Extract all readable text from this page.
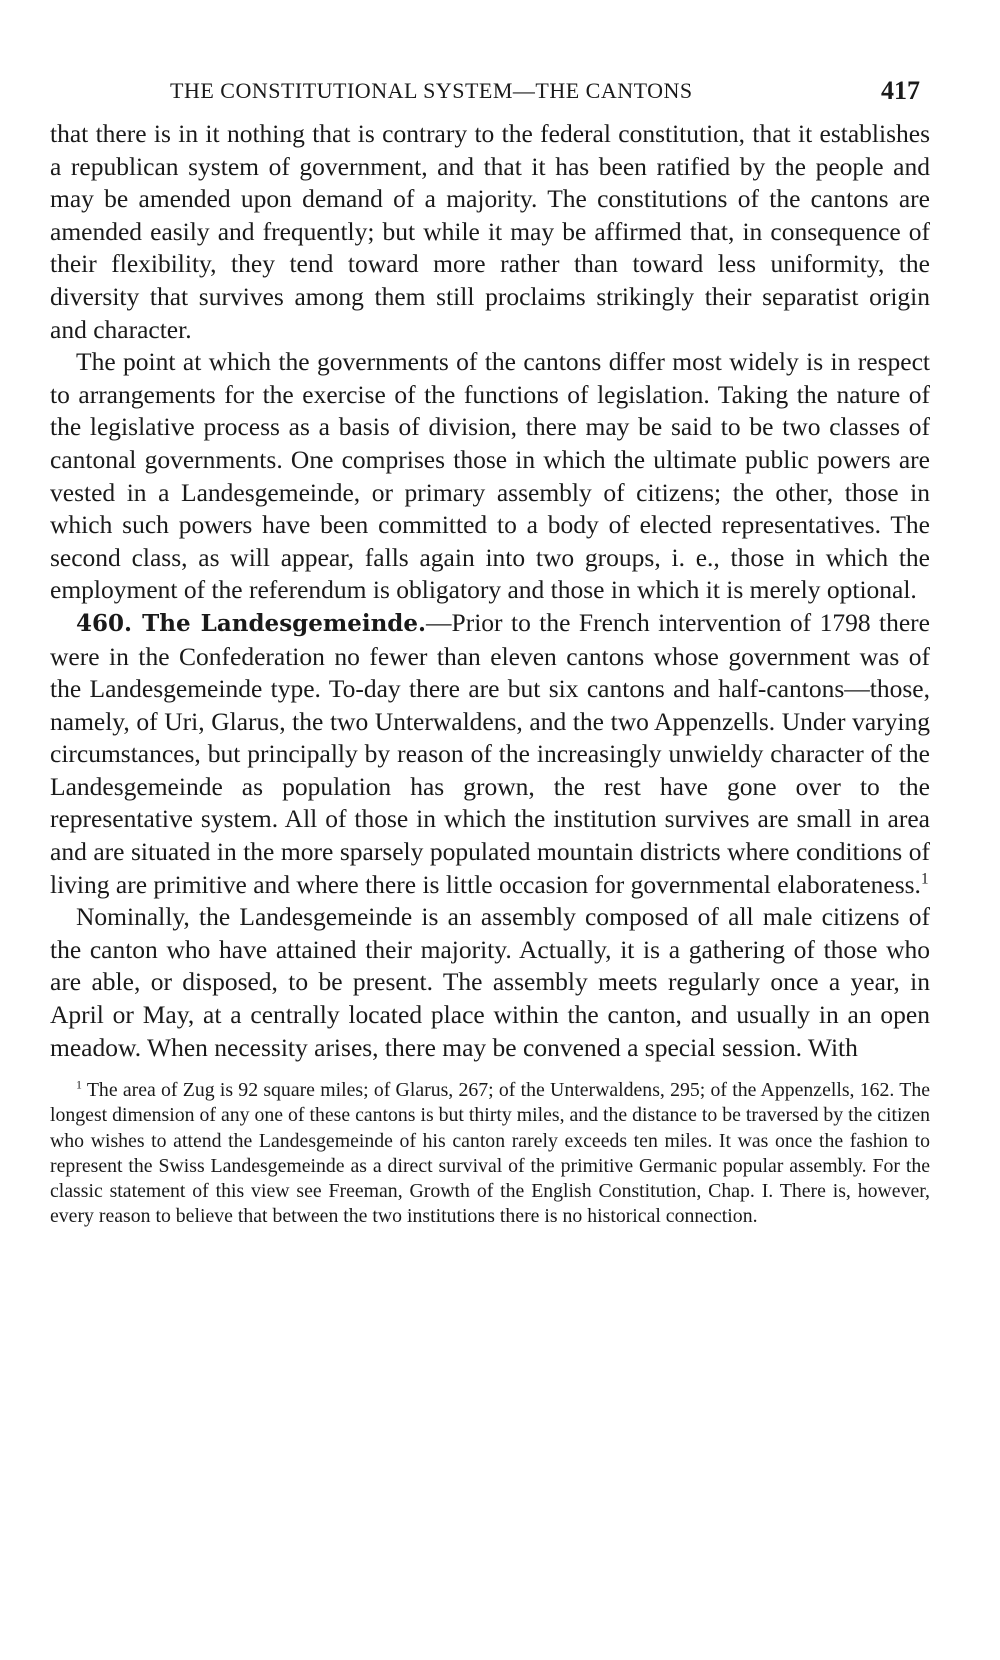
THE CONSTITUTIONAL SYSTEM—THE CANTONS	417

that there is in it nothing that is contrary to the federal constitution, that it establishes a republican system of government, and that it has been ratified by the people and may be amended upon demand of a majority. The constitutions of the cantons are amended easily and frequently; but while it may be affirmed that, in consequence of their flexibility, they tend toward more rather than toward less uniformity, the diversity that survives among them still proclaims strikingly their separatist origin and character.

The point at which the governments of the cantons differ most widely is in respect to arrangements for the exercise of the functions of legislation. Taking the nature of the legislative process as a basis of division, there may be said to be two classes of cantonal governments. One comprises those in which the ultimate public powers are vested in a Landesgemeinde, or primary assembly of citizens; the other, those in which such powers have been committed to a body of elected representatives. The second class, as will appear, falls again into two groups, i. e., those in which the employment of the referendum is obligatory and those in which it is merely optional.

460. The Landesgemeinde.—Prior to the French intervention of 1798 there were in the Confederation no fewer than eleven cantons whose government was of the Landesgemeinde type. To-day there are but six cantons and half-cantons—those, namely, of Uri, Glarus, the two Unterwaldens, and the two Appenzells. Under varying circumstances, but principally by reason of the increasingly unwieldy character of the Landesgemeinde as population has grown, the rest have gone over to the representative system. All of those in which the institution survives are small in area and are situated in the more sparsely populated mountain districts where conditions of living are primitive and where there is little occasion for governmental elaborateness.$^1$

Nominally, the Landesgemeinde is an assembly composed of all male citizens of the canton who have attained their majority. Actually, it is a gathering of those who are able, or disposed, to be present. The assembly meets regularly once a year, in April or May, at a centrally located place within the canton, and usually in an open meadow. When necessity arises, there may be convened a special session. With

$^1$ The area of Zug is 92 square miles; of Glarus, 267; of the Unterwaldens, 295; of the Appenzells, 162. The longest dimension of any one of these cantons is but thirty miles, and the distance to be traversed by the citizen who wishes to attend the Landesgemeinde of his canton rarely exceeds ten miles. It was once the fashion to represent the Swiss Landesgemeinde as a direct survival of the primitive Germanic popular assembly. For the classic statement of this view see Freeman, Growth of the English Constitution, Chap. I. There is, however, every reason to believe that between the two institutions there is no historical connection.
